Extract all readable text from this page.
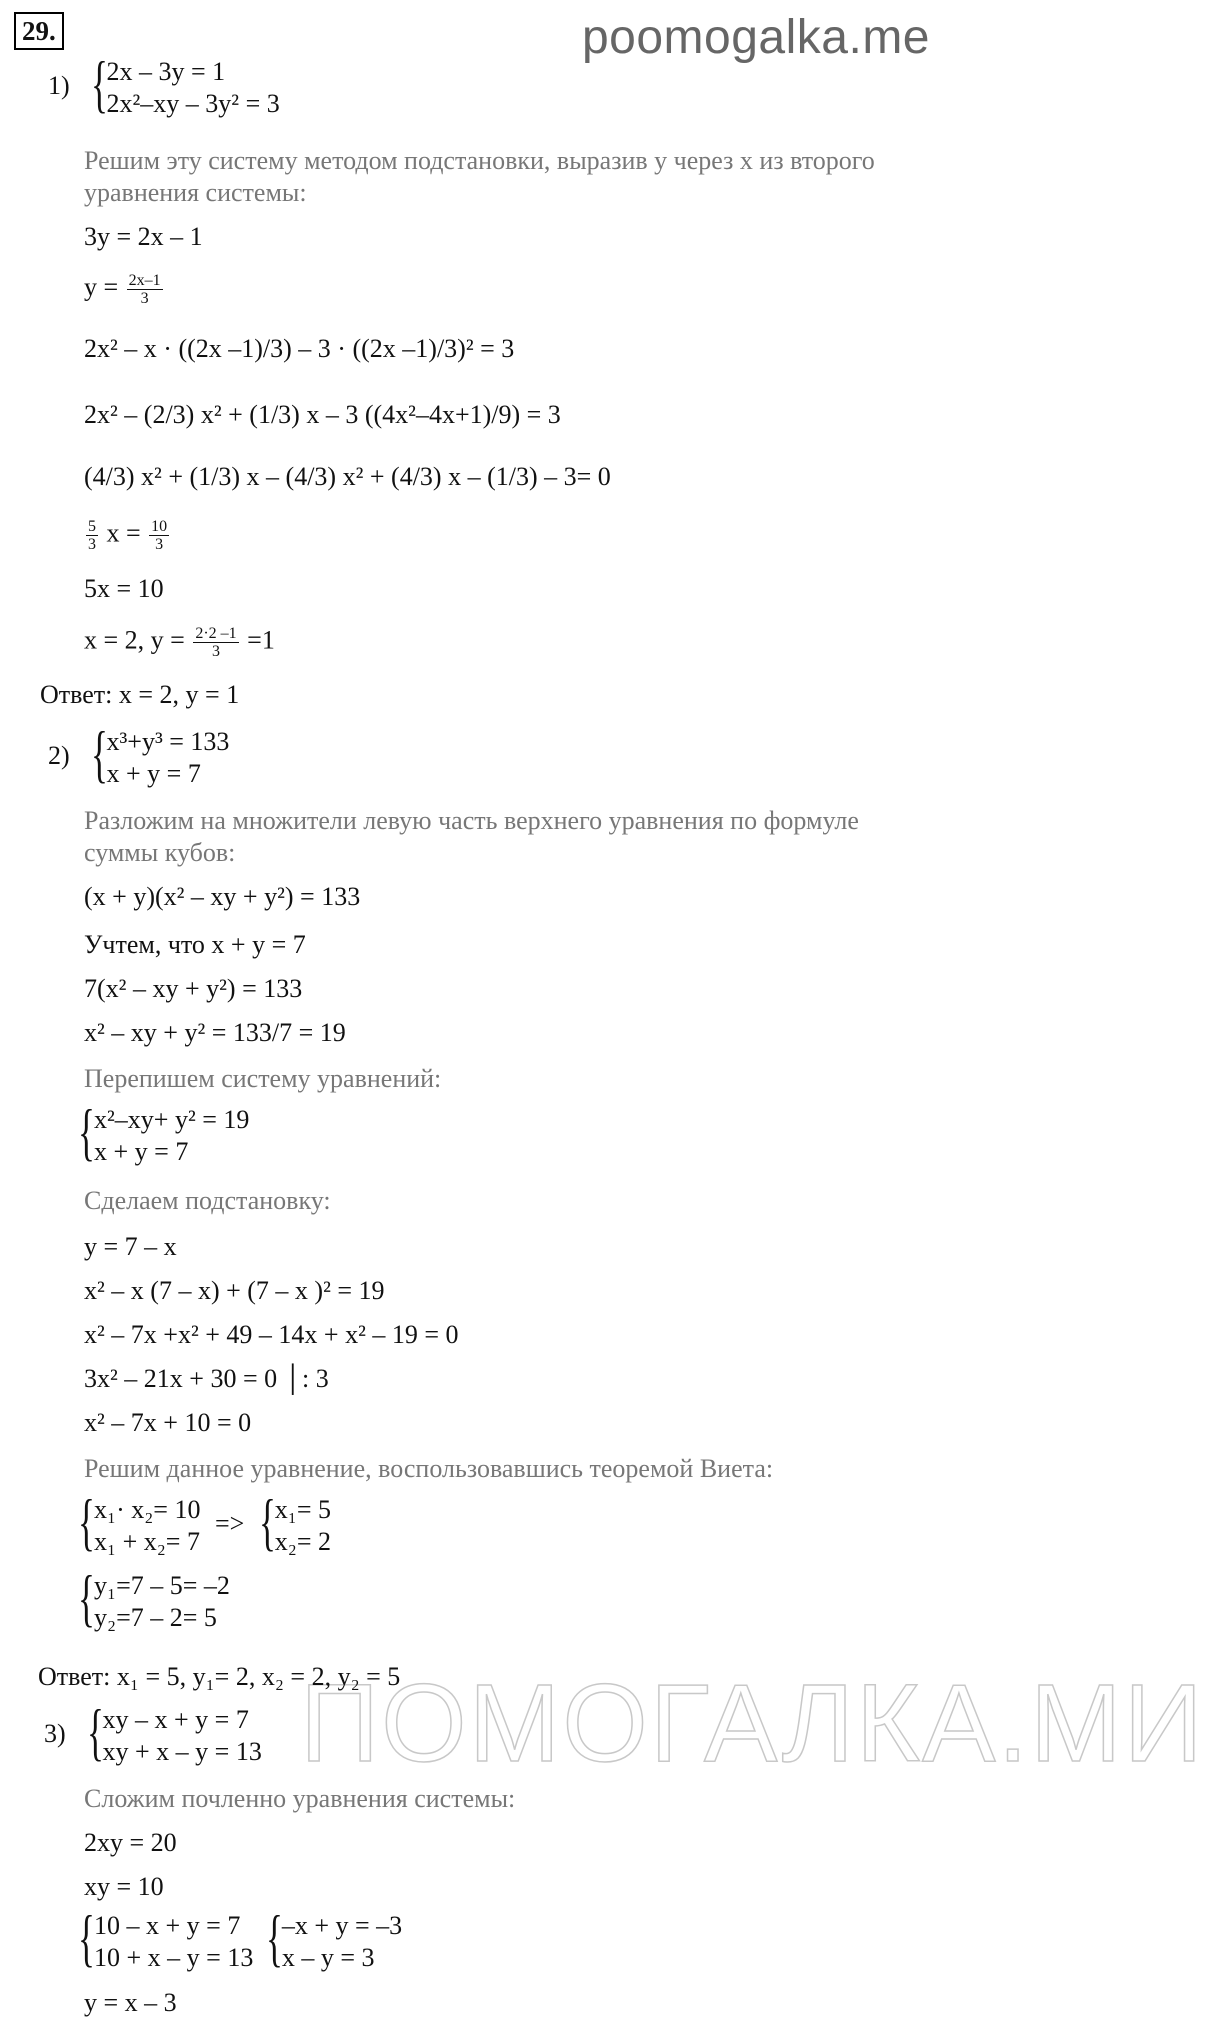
29.	poomogalka.me
ПОМОГАЛКА.МИ
1) { 2x – 3y = 1
2x²–xy – 3y² = 3
Решим эту систему методом подстановки, выразив у через х из второго
уравнения системы:
3y = 2x – 1
$y = \frac{2x-1}{3}$
2x² – x · ((2x –1)/3) – 3 · ((2x –1)/3)² = 3
2x² – (2/3) x² + (1/3) x – 3 ((4x²–4x+1)/9) = 3
(4/3) x² + (1/3) x – (4/3) x² + (4/3) x – (1/3) – 3= 0
$\frac{5}{3}$ $x = \frac{10}{3}$
5x = 10
x = 2, $y = \frac{2\cdot 2 -1}{3} =1$
Ответ: x = 2, y = 1
2) { x³+y³ = 133
x + y = 7
Разложим на множители левую часть верхнего уравнения по формуле
суммы кубов:
(x + y)(x² – xy + y²) = 133
Учтем, что x + y = 7
7(x² – xy + y²) = 133
x² – xy + y² = 133/7 = 19
Перепишем систему уравнений:
{ x²–xy+ y² = 19
x + y = 7
Сделаем подстановку:
y = 7 – x
x² – x (7 – x) + (7 – x )² = 19
x² – 7x +x² + 49 – 14x + x² – 19 = 0
3x² – 21x + 30 = 0 │: 3
x² – 7x + 10 = 0
Решим данное уравнение, воспользовавшись теоремой Виета:
{ x₁· x₂= 10
x₁ + x₂= 7
=> { x₁= 5
x₂= 2
{ y₁=7 – 5= –2
y₂=7 – 2= 5
Ответ: x₁ = 5, y₁= 2, x₂ = 2, y₂ = 5
3) { xy – x + y = 7
xy + x – y = 13
Сложим почленно уравнения системы:
2xy = 20
xy = 10
{ 10 – x + y = 7
10 + x – y = 13
{ –x + y = –3
x – y = 3
y = x – 3
